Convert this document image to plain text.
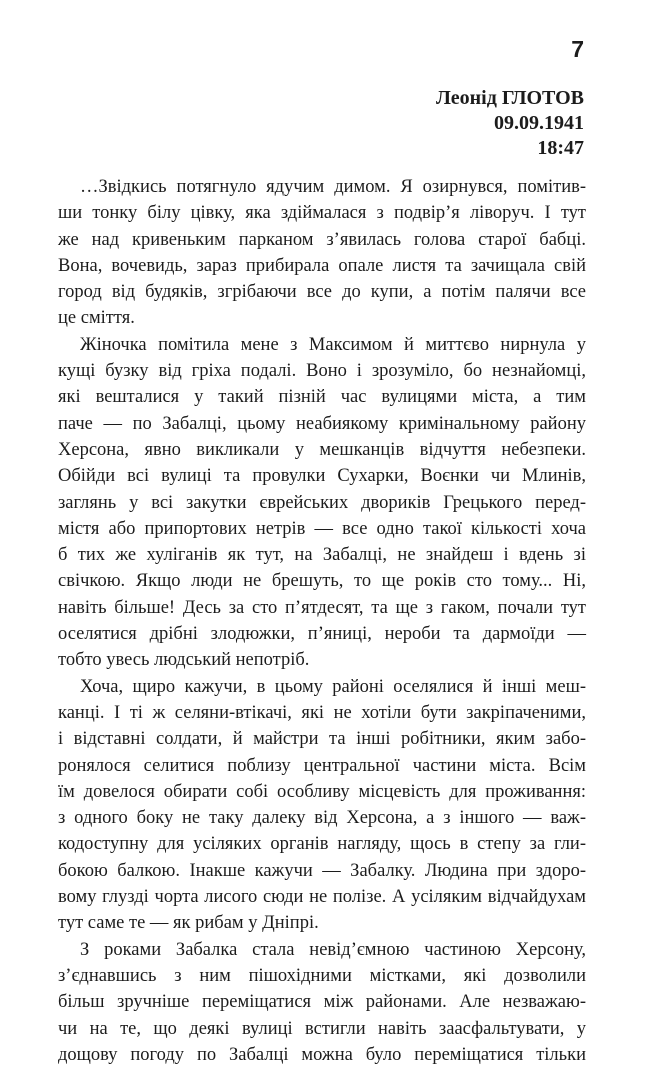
7
Леонід ГЛОТОВ
09.09.1941
18:47

…Звідкись потягнуло ядучим димом. Я озирнувся, помітив-
ши тонку білу цівку, яка здіймалася з подвір’я ліворуч. І тут
же над кривеньким парканом з’явилась голова старої бабці.
Вона, вочевидь, зараз прибирала опале листя та зачищала свій
город від будяків, згрібаючи все до купи, а потім палячи все
це сміття.

Жіночка помітила мене з Максимом й миттєво нирнула у
кущі бузку від гріха подалі. Воно і зрозуміло, бо незнайомці,
які вешталися у такий пізній час вулицями міста, а тим
паче — по Забалці, цьому неабиякому кримінальному району
Херсона, явно викликали у мешканців відчуття небезпеки.
Обійди всі вулиці та провулки Сухарки, Воєнки чи Млинів,
заглянь у всі закутки єврейських двориків Грецького перед-
містя або припортових нетрів — все одно такої кількості хоча
б тих же хуліганів як тут, на Забалці, не знайдеш і вдень зі
свічкою. Якщо люди не брешуть, то ще років сто тому... Ні,
навіть більше! Десь за сто п’ятдесят, та ще з гаком, почали тут
оселятися дрібні злодюжки, п’яниці, нероби та дармоїди —
тобто увесь людський непотріб.

Хоча, щиро кажучи, в цьому районі оселялися й інші меш-
канці. І ті ж селяни-втікачі, які не хотіли бути закріпаченими,
і відставні солдати, й майстри та інші робітники, яким забо-
ронялося селитися поблизу центральної частини міста. Всім
їм довелося обирати собі особливу місцевість для проживання:
з одного боку не таку далеку від Херсона, а з іншого — важ-
кодоступну для усіляких органів нагляду, щось в степу за гли-
бокою балкою. Інакше кажучи — Забалку. Людина при здоро-
вому глузді чорта лисого сюди не полізе. А усіляким відчайдухам
тут саме те — як рибам у Дніпрі.

З роками Забалка стала невід’ємною частиною Херсону,
з’єднавшись з ним пішохідними містками, які дозволили
більш зручніше переміщатися між районами. Але незважаю-
чи на те, що деякі вулиці встигли навіть заасфальтувати, у
дощову погоду по Забалці можна було переміщатися тільки
